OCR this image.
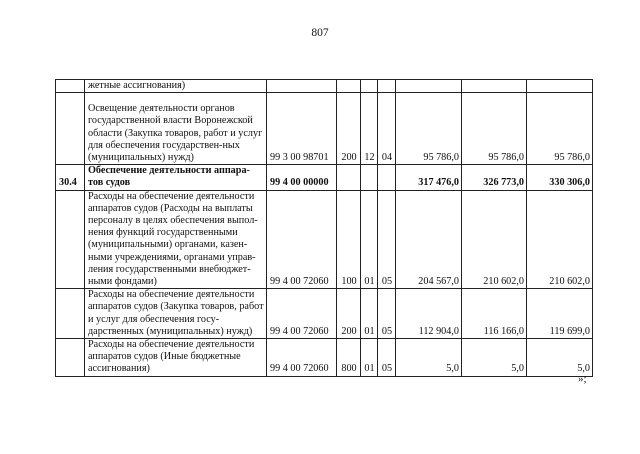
807
	жетные ассигнования)							
	Освещение деятельности органов государственной власти Воронежской области (Закупка товаров, работ и услуг для обеспечения государствен-ных (муниципальных) нужд)	99 3 00 98701	200	12	04	95 786,0	95 786,0	95 786,0
30.4	Обеспечение деятельности аппара-тов судов	99 4 00 00000				317 476,0	326 773,0	330 306,0
	Расходы на обеспечение деятельности аппаратов судов (Расходы на выплаты персоналу в целях обеспечения выпол-нения функций государственными (муниципальными) органами, казен-ными учреждениями, органами управ-ления государственными внебюджет-ными фондами)	99 4 00 72060	100	01	05	204 567,0	210 602,0	210 602,0
	Расходы на обеспечение деятельности аппаратов судов (Закупка товаров, работ и услуг для обеспечения госу-дарственных (муниципальных) нужд)	99 4 00 72060	200	01	05	112 904,0	116 166,0	119 699,0
	Расходы на обеспечение деятельности аппаратов судов (Иные бюджетные ассигнования)	99 4 00 72060	800	01	05	5,0	5,0	5,0
»;
